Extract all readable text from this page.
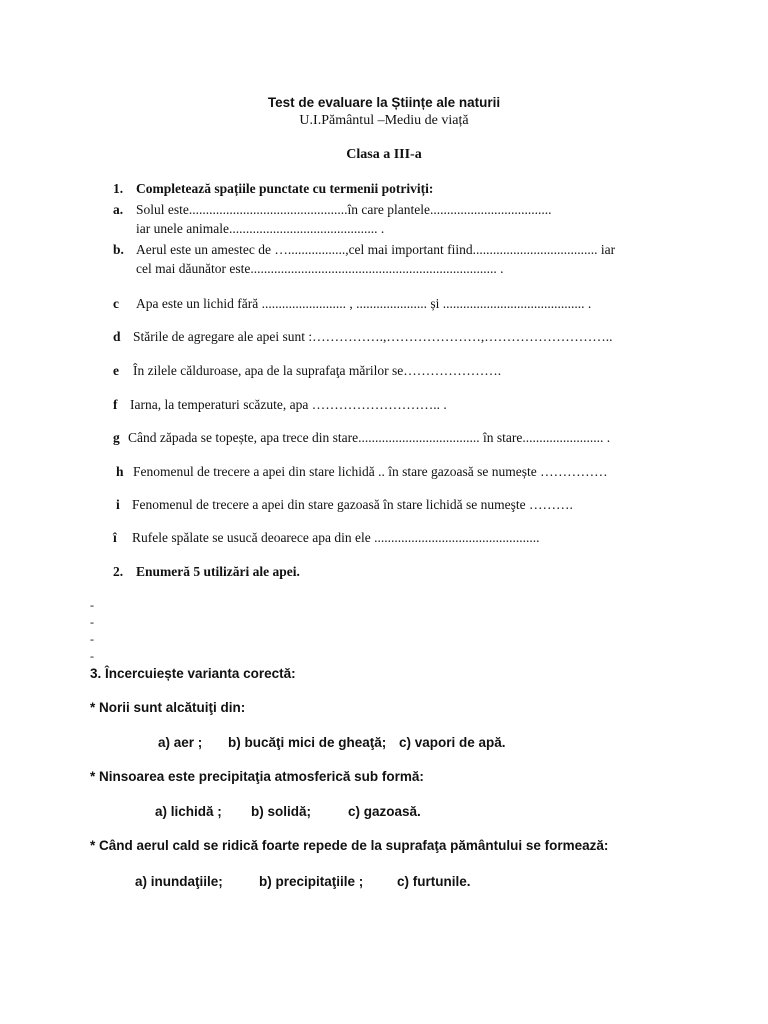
Test de evaluare la Științe ale naturii
U.I.Pământul –Mediu de viață
Clasa a III-a
1. Completează spațiile punctate cu termenii potriviți:
a. Solul este...............................................în care plantele....................................
iar unele animale............................................ .
b. Aerul este un amestec de ….................,cel mai important fiind..................................... iar
cel mai dăunător este......................................................................... .
c Apa este un lichid fără ......................... , ..................... și .......................................... .
d Stările de agregare ale apei sunt :…………….,…………………,………………………..
e În zilele călduroase, apa de la suprafaţa mărilor se………………….
f Iarna, la temperaturi scăzute, apa ……………………….. .
g Când zăpada se topește, apa trece din stare.................................... în stare........................ .
h Fenomenul de trecere a apei din stare lichidă .. în stare gazoasă se numește ……………
i Fenomenul de trecere a apei din stare gazoasă în stare lichidă se numeşte ……….
î Rufele spălate se usucă deoarece apa din ele .................................................
2. Enumeră 5 utilizări ale apei.
-
-
-
-
3. Încercuiește varianta corectă:
* Norii sunt alcătuiţi din:
a) aer ; b) bucăţi mici de gheaţă; c) vapori de apă.
* Ninsoarea este precipitaţia atmosferică sub formă:
a) lichidă ; b) solidă;	c) gazoasă.
* Când aerul cald se ridică foarte repede de la suprafaţa pământului se formează:
a) inundaţiile;	b) precipitaţiile ; c) furtunile.
